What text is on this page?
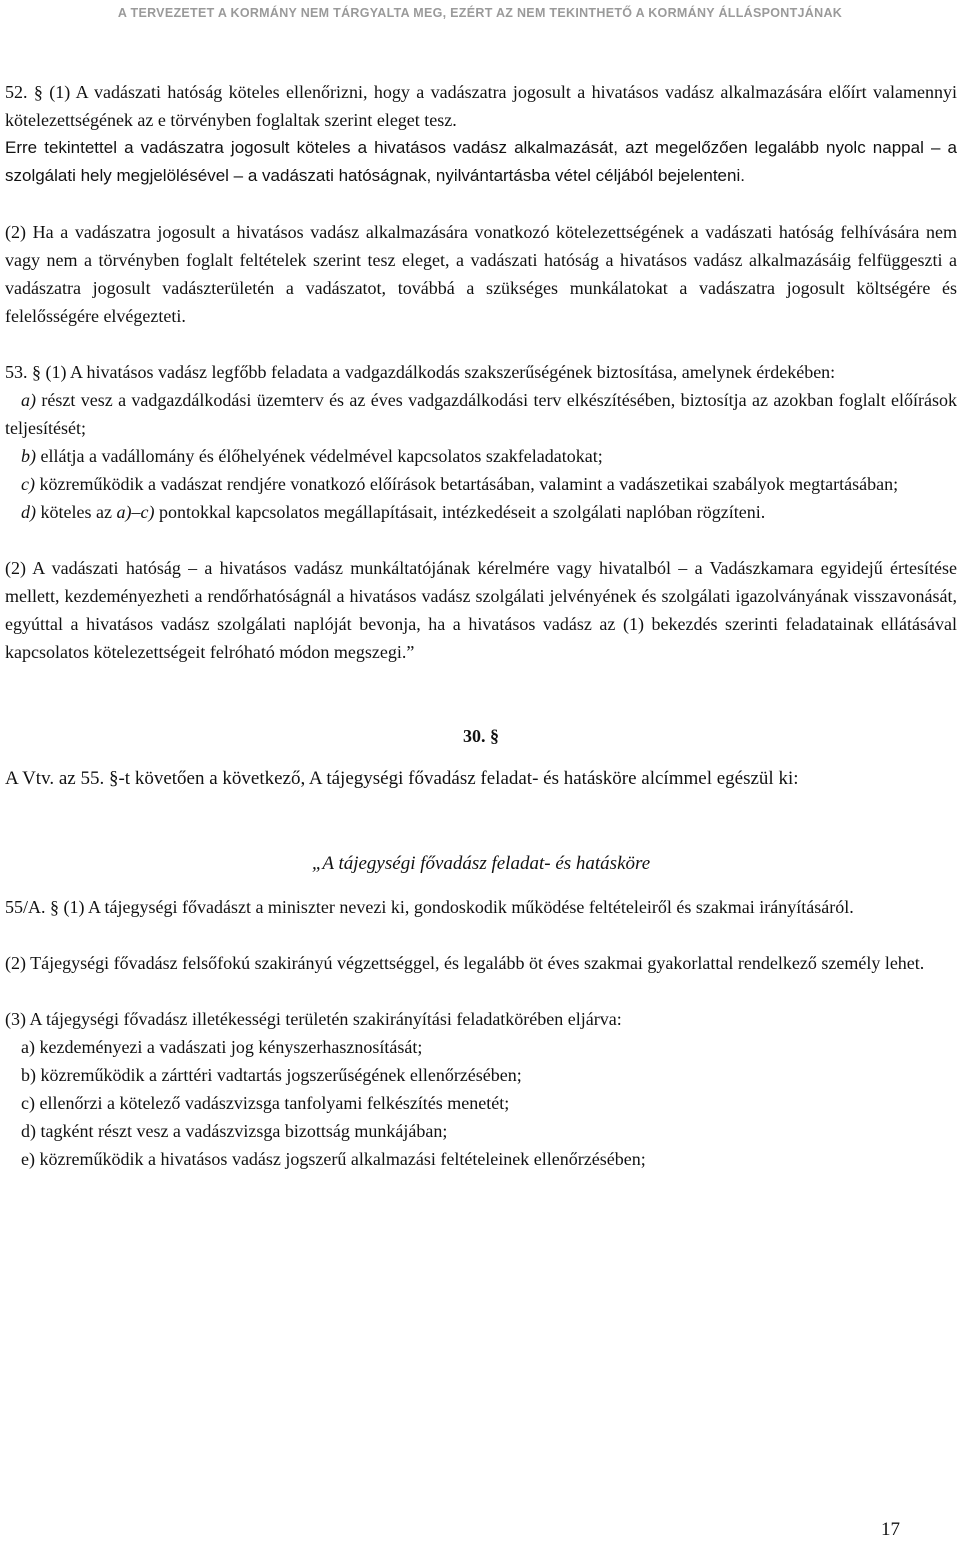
A TERVEZETET A KORMÁNY NEM TÁRGYALTA MEG, EZÉRT AZ NEM TEKINTHETŐ A KORMÁNY ÁLLÁSPONTJÁNAK

52. § (1) A vadászati hatóság köteles ellenőrizni, hogy a vadászatra jogosult a hivatásos vadász alkalmazására előírt valamennyi kötelezettségének az e törvényben foglaltak szerint eleget tesz.

Erre tekintettel a vadászatra jogosult köteles a hivatásos vadász alkalmazását, azt megelőzően legalább nyolc nappal – a szolgálati hely megjelölésével – a vadászati hatóságnak, nyilvántartásba vétel céljából bejelenteni.

(2) Ha a vadászatra jogosult a hivatásos vadász alkalmazására vonatkozó kötelezettségének a vadászati hatóság felhívására nem vagy nem a törvényben foglalt feltételek szerint tesz eleget, a vadászati hatóság a hivatásos vadász alkalmazásáig felfüggeszti a vadászatra jogosult vadászterületén a vadászatot, továbbá a szükséges munkálatokat a vadászatra jogosult költségére és felelősségére elvégezteti.

53. § (1) A hivatásos vadász legfőbb feladata a vadgazdálkodás szakszerűségének biztosítása, amelynek érdekében:

a) részt vesz a vadgazdálkodási üzemterv és az éves vadgazdálkodási terv elkészítésében, biztosítja az azokban foglalt előírások teljesítését;

b) ellátja a vadállomány és élőhelyének védelmével kapcsolatos szakfeladatokat;

c) közreműködik a vadászat rendjére vonatkozó előírások betartásában, valamint a vadászetikai szabályok megtartásában;

d) köteles az a)–c) pontokkal kapcsolatos megállapításait, intézkedéseit a szolgálati naplóban rögzíteni.

(2) A vadászati hatóság – a hivatásos vadász munkáltatójának kérelmére vagy hivatalból – a Vadászkamara egyidejű értesítése mellett, kezdeményezheti a rendőrhatóságnál a hivatásos vadász szolgálati jelvényének és szolgálati igazolványának visszavonását, egyúttal a hivatásos vadász szolgálati naplóját bevonja, ha a hivatásos vadász az (1) bekezdés szerinti feladatainak ellátásával kapcsolatos kötelezettségeit felróható módon megszegi.”

30. §

A Vtv. az 55. §-t követően a következő, A tájegységi fővadász feladat- és hatásköre alcímmel egészül ki:

„A tájegységi fővadász feladat- és hatásköre

55/A. § (1) A tájegységi fővadászt a miniszter nevezi ki, gondoskodik működése feltételeiről és szakmai irányításáról.

(2) Tájegységi fővadász felsőfokú szakirányú végzettséggel, és legalább öt éves szakmai gyakorlattal rendelkező személy lehet.

(3) A tájegységi fővadász illetékességi területén szakirányítási feladatkörében eljárva:

a) kezdeményezi a vadászati jog kényszerhasznosítását;

b) közreműködik a zárttéri vadtartás jogszerűségének ellenőrzésében;

c) ellenőrzi a kötelező vadászvizsga tanfolyami felkészítés menetét;

d) tagként részt vesz a vadászvizsga bizottság munkájában;

e) közreműködik a hivatásos vadász jogszerű alkalmazási feltételeinek ellenőrzésében;

17
